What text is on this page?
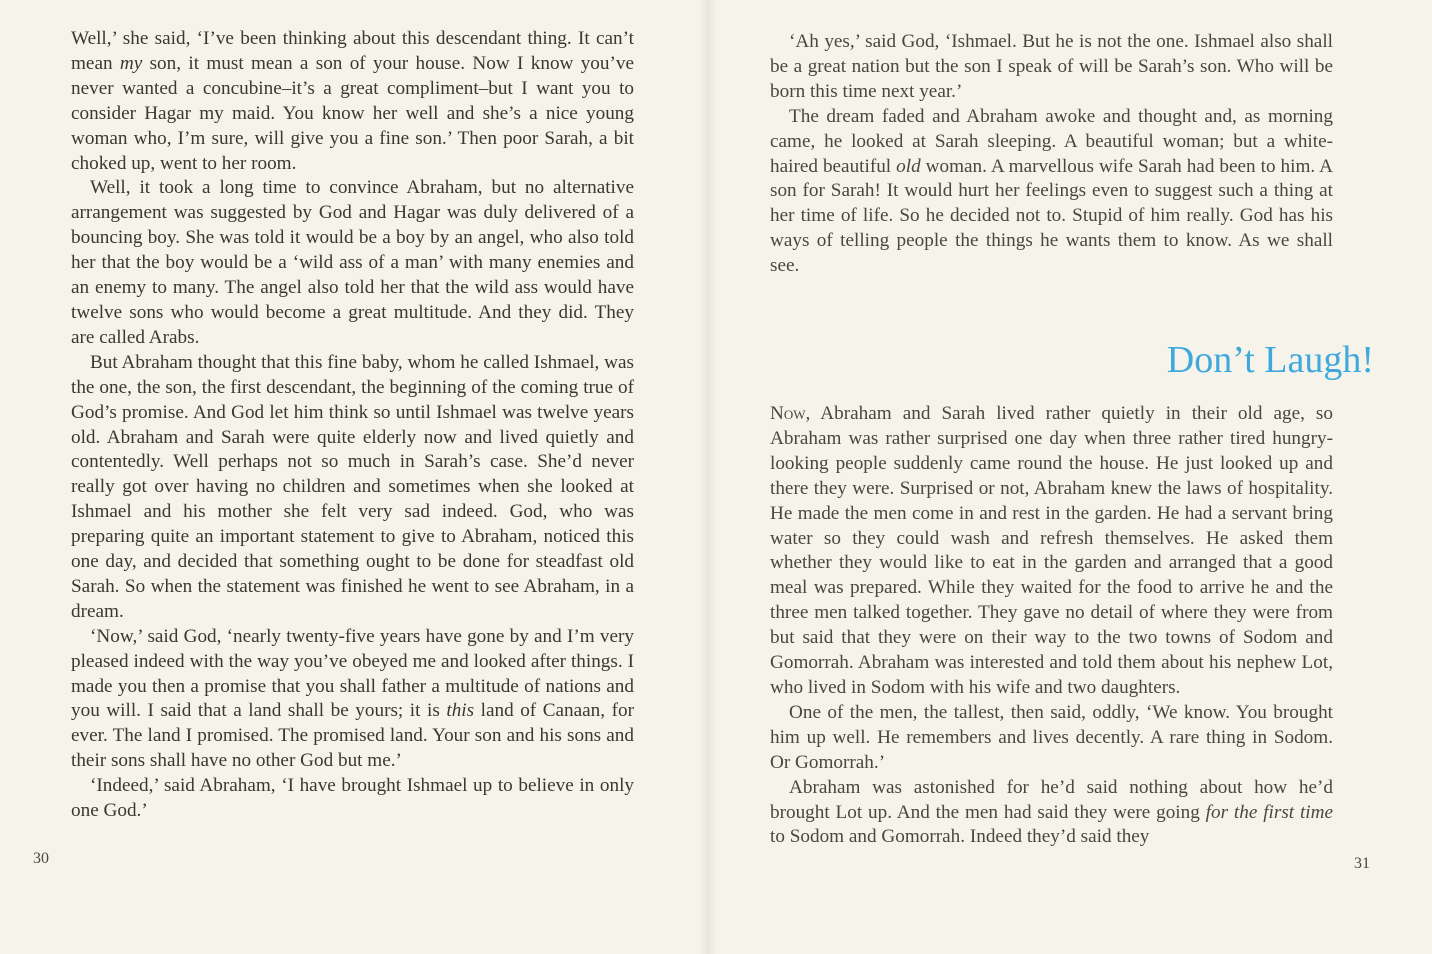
Well,’ she said, ‘I’ve been thinking about this descendant thing. It can’t mean my son, it must mean a son of your house. Now I know you’ve never wanted a concubine–it’s a great compliment–but I want you to consider Hagar my maid. You know her well and she’s a nice young woman who, I’m sure, will give you a fine son.’ Then poor Sarah, a bit choked up, went to her room.

Well, it took a long time to convince Abraham, but no alternative arrangement was suggested by God and Hagar was duly delivered of a bouncing boy. She was told it would be a boy by an angel, who also told her that the boy would be a ‘wild ass of a man’ with many enemies and an enemy to many. The angel also told her that the wild ass would have twelve sons who would become a great multitude. And they did. They are called Arabs.

But Abraham thought that this fine baby, whom he called Ishmael, was the one, the son, the first descendant, the beginning of the coming true of God’s promise. And God let him think so until Ishmael was twelve years old. Abraham and Sarah were quite elderly now and lived quietly and contentedly. Well perhaps not so much in Sarah’s case. She’d never really got over having no children and sometimes when she looked at Ishmael and his mother she felt very sad indeed. God, who was preparing quite an important statement to give to Abraham, noticed this one day, and decided that something ought to be done for steadfast old Sarah. So when the statement was finished he went to see Abraham, in a dream.

‘Now,’ said God, ‘nearly twenty-five years have gone by and I’m very pleased indeed with the way you’ve obeyed me and looked after things. I made you then a promise that you shall father a multitude of nations and you will. I said that a land shall be yours; it is this land of Canaan, for ever. The land I promised. The promised land. Your son and his sons and their sons shall have no other God but me.’

‘Indeed,’ said Abraham, ‘I have brought Ishmael up to believe in only one God.’

30

‘Ah yes,’ said God, ‘Ishmael. But he is not the one. Ishmael also shall be a great nation but the son I speak of will be Sarah’s son. Who will be born this time next year.’

The dream faded and Abraham awoke and thought and, as morning came, he looked at Sarah sleeping. A beautiful woman; but a white-haired beautiful old woman. A marvellous wife Sarah had been to him. A son for Sarah! It would hurt her feelings even to suggest such a thing at her time of life. So he decided not to. Stupid of him really. God has his ways of telling people the things he wants them to know. As we shall see.

Don’t Laugh!

Now, Abraham and Sarah lived rather quietly in their old age, so Abraham was rather surprised one day when three rather tired hungry-looking people suddenly came round the house. He just looked up and there they were. Surprised or not, Abraham knew the laws of hospitality. He made the men come in and rest in the garden. He had a servant bring water so they could wash and refresh themselves. He asked them whether they would like to eat in the garden and arranged that a good meal was prepared. While they waited for the food to arrive he and the three men talked together. They gave no detail of where they were from but said that they were on their way to the two towns of Sodom and Gomorrah. Abraham was interested and told them about his nephew Lot, who lived in Sodom with his wife and two daughters.

One of the men, the tallest, then said, oddly, ‘We know. You brought him up well. He remembers and lives decently. A rare thing in Sodom. Or Gomorrah.’

Abraham was astonished for he’d said nothing about how he’d brought Lot up. And the men had said they were going for the first time to Sodom and Gomorrah. Indeed they’d said they

31
